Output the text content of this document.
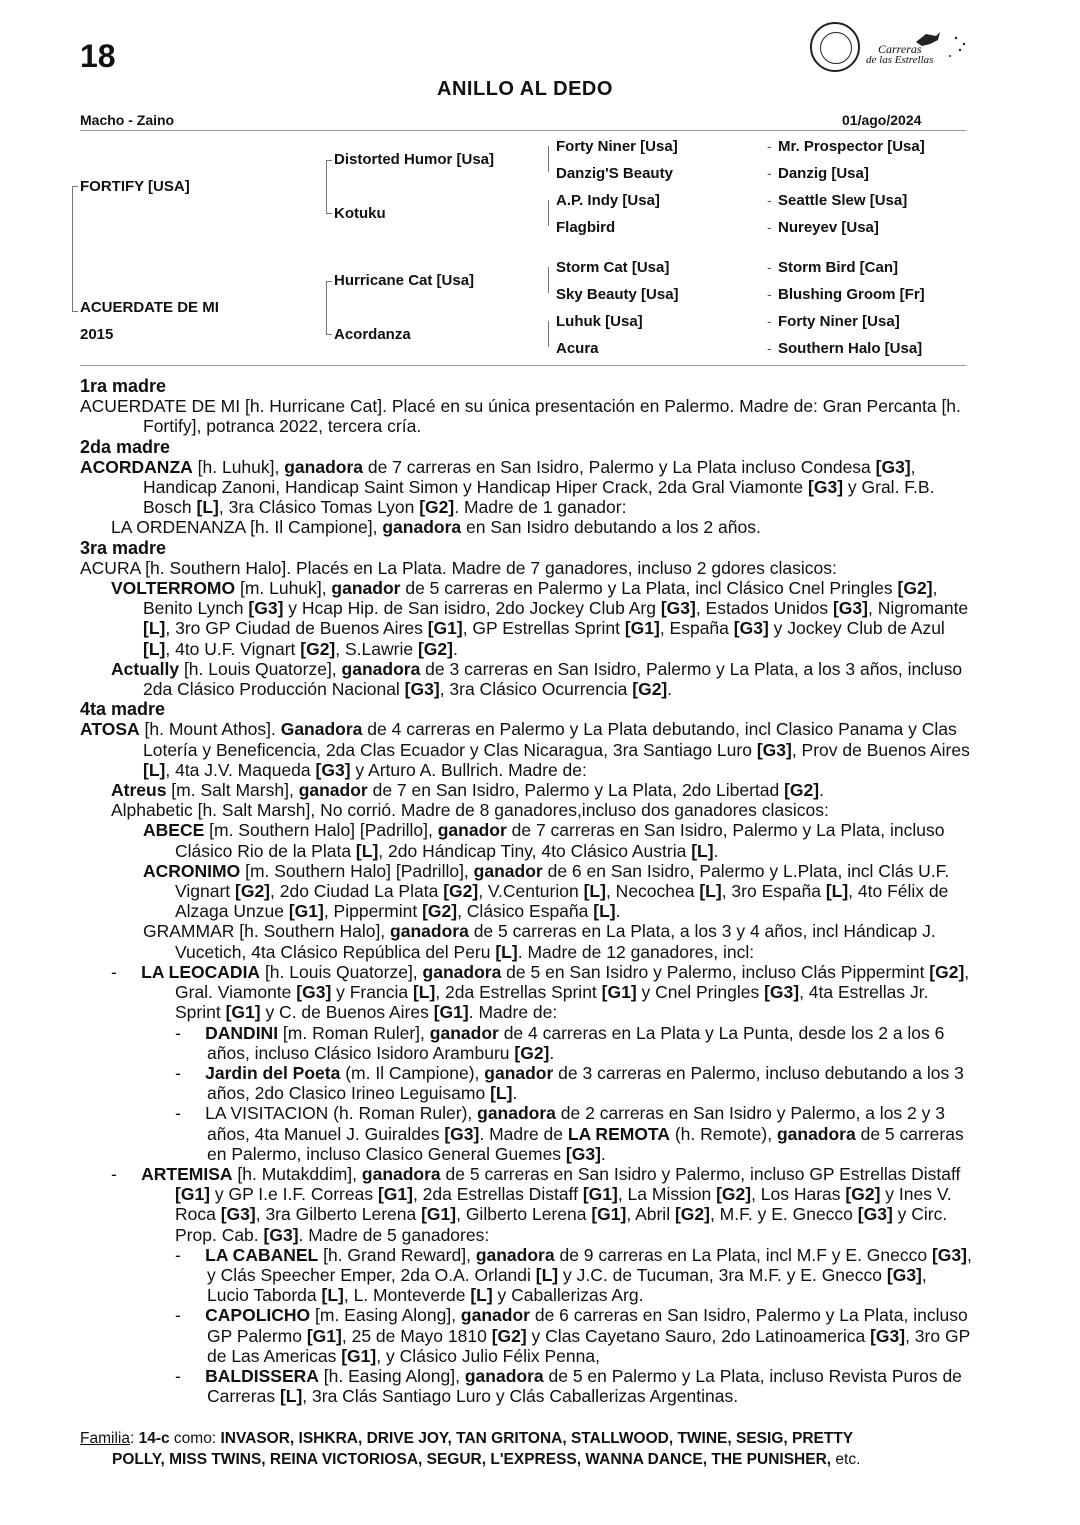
18
ANILLO AL DEDO
Carreras
de las Estrellas
Macho - Zaino	01/ago/2024
FORTIFY [USA]
ACUERDATE DE MI
2015
Distorted Humor [Usa]
Kotuku
Hurricane Cat [Usa]
Acordanza
Forty Niner [Usa]
Danzig'S Beauty
A.P. Indy [Usa]
Flagbird
Storm Cat [Usa]
Sky Beauty [Usa]
Luhuk [Usa]
Acura
-
-
-
-
-
-
-
-
Mr. Prospector [Usa]
Danzig [Usa]
Seattle Slew [Usa]
Nureyev [Usa]
Storm Bird [Can]
Blushing Groom [Fr]
Forty Niner [Usa]
Southern Halo [Usa]
1ra madre

ACUERDATE DE MI [h. Hurricane Cat]. Placé en su única presentación en Palermo. Madre de: Gran Percanta [h. Fortify], potranca 2022, tercera cría.

2da madre

ACORDANZA [h. Luhuk], ganadora de 7 carreras en San Isidro, Palermo y La Plata incluso Condesa [G3], Handicap Zanoni, Handicap Saint Simon y Handicap Hiper Crack, 2da Gral Viamonte [G3] y Gral. F.B. Bosch [L], 3ra Clásico Tomas Lyon [G2]. Madre de 1 ganador:

LA ORDENANZA [h. Il Campione], ganadora en San Isidro debutando a los 2 años.

3ra madre

ACURA [h. Southern Halo]. Placés en La Plata. Madre de 7 ganadores, incluso 2 gdores clasicos:

VOLTERROMO [m. Luhuk], ganador de 5 carreras en Palermo y La Plata, incl Clásico Cnel Pringles [G2], Benito Lynch [G3] y Hcap Hip. de San isidro, 2do Jockey Club Arg [G3], Estados Unidos [G3], Nigromante [L], 3ro GP Ciudad de Buenos Aires [G1], GP Estrellas Sprint [G1], España [G3] y Jockey Club de Azul [L], 4to U.F. Vignart [G2], S.Lawrie [G2].

Actually [h. Louis Quatorze], ganadora de 3 carreras en San Isidro, Palermo y La Plata, a los 3 años, incluso 2da Clásico Producción Nacional [G3], 3ra Clásico Ocurrencia [G2].

4ta madre

ATOSA [h. Mount Athos]. Ganadora de 4 carreras en Palermo y La Plata debutando, incl Clasico Panama y Clas Lotería y Beneficencia, 2da Clas Ecuador y Clas Nicaragua, 3ra Santiago Luro [G3], Prov de Buenos Aires [L], 4ta J.V. Maqueda [G3] y Arturo A. Bullrich. Madre de:

Atreus [m. Salt Marsh], ganador de 7 en San Isidro, Palermo y La Plata, 2do Libertad [G2].

Alphabetic [h. Salt Marsh], No corrió. Madre de 8 ganadores,incluso dos ganadores clasicos:

ABECE [m. Southern Halo] [Padrillo], ganador de 7 carreras en San Isidro, Palermo y La Plata, incluso Clásico Rio de la Plata [L], 2do Hándicap Tiny, 4to Clásico Austria [L].

ACRONIMO [m. Southern Halo] [Padrillo], ganador de 6 en San Isidro, Palermo y L.Plata, incl Clás U.F. Vignart [G2], 2do Ciudad La Plata [G2], V.Centurion [L], Necochea [L], 3ro España [L], 4to Félix de Alzaga Unzue [G1], Pippermint [G2], Clásico España [L].

GRAMMAR [h. Southern Halo], ganadora de 5 carreras en La Plata, a los 3 y 4 años, incl Hándicap J. Vucetich, 4ta Clásico República del Peru [L]. Madre de 12 ganadores, incl:

-     LA LEOCADIA [h. Louis Quatorze], ganadora de 5 en San Isidro y Palermo, incluso Clás Pippermint [G2], Gral. Viamonte [G3] y Francia [L], 2da Estrellas Sprint [G1] y Cnel Pringles [G3], 4ta Estrellas Jr. Sprint [G1] y C. de Buenos Aires [G1]. Madre de:

-     DANDINI [m. Roman Ruler], ganador de 4 carreras en La Plata y La Punta, desde los 2 a los 6 años, incluso Clásico Isidoro Aramburu [G2].

-     Jardin del Poeta (m. Il Campione), ganador de 3 carreras en Palermo, incluso debutando a los 3 años, 2do Clasico Irineo Leguisamo [L].

-     LA VISITACION (h. Roman Ruler), ganadora de 2 carreras en San Isidro y Palermo, a los 2 y 3 años, 4ta Manuel J. Guiraldes [G3]. Madre de LA REMOTA (h. Remote), ganadora de 5 carreras en Palermo, incluso Clasico General Guemes [G3].

-     ARTEMISA [h. Mutakddim], ganadora de 5 carreras en San Isidro y Palermo, incluso GP Estrellas Distaff [G1] y GP I.e I.F. Correas [G1], 2da Estrellas Distaff [G1], La Mission [G2], Los Haras [G2] y Ines V. Roca [G3], 3ra Gilberto Lerena [G1], Gilberto Lerena [G1], Abril [G2], M.F. y E. Gnecco [G3] y Circ. Prop. Cab. [G3]. Madre de 5 ganadores:

-     LA CABANEL [h. Grand Reward], ganadora de 9 carreras en La Plata, incl M.F y E. Gnecco [G3], y Clás Speecher Emper, 2da O.A. Orlandi [L] y J.C. de Tucuman, 3ra M.F. y E. Gnecco [G3], Lucio Taborda [L], L. Monteverde [L] y Caballerizas Arg.

-     CAPOLICHO [m. Easing Along], ganador de 6 carreras en San Isidro, Palermo y La Plata, incluso GP Palermo [G1], 25 de Mayo 1810 [G2] y Clas Cayetano Sauro, 2do Latinoamerica [G3], 3ro GP de Las Americas [G1], y Clásico Julio Félix Penna,

-     BALDISSERA [h. Easing Along], ganadora de 5 en Palermo y La Plata, incluso Revista Puros de Carreras [L], 3ra Clás Santiago Luro y Clás Caballerizas Argentinas.

Familia: 14-c como: INVASOR, ISHKRA, DRIVE JOY, TAN GRITONA, STALLWOOD, TWINE, SESIG, PRETTY
POLLY, MISS TWINS, REINA VICTORIOSA, SEGUR, L'EXPRESS, WANNA DANCE, THE PUNISHER, etc.
